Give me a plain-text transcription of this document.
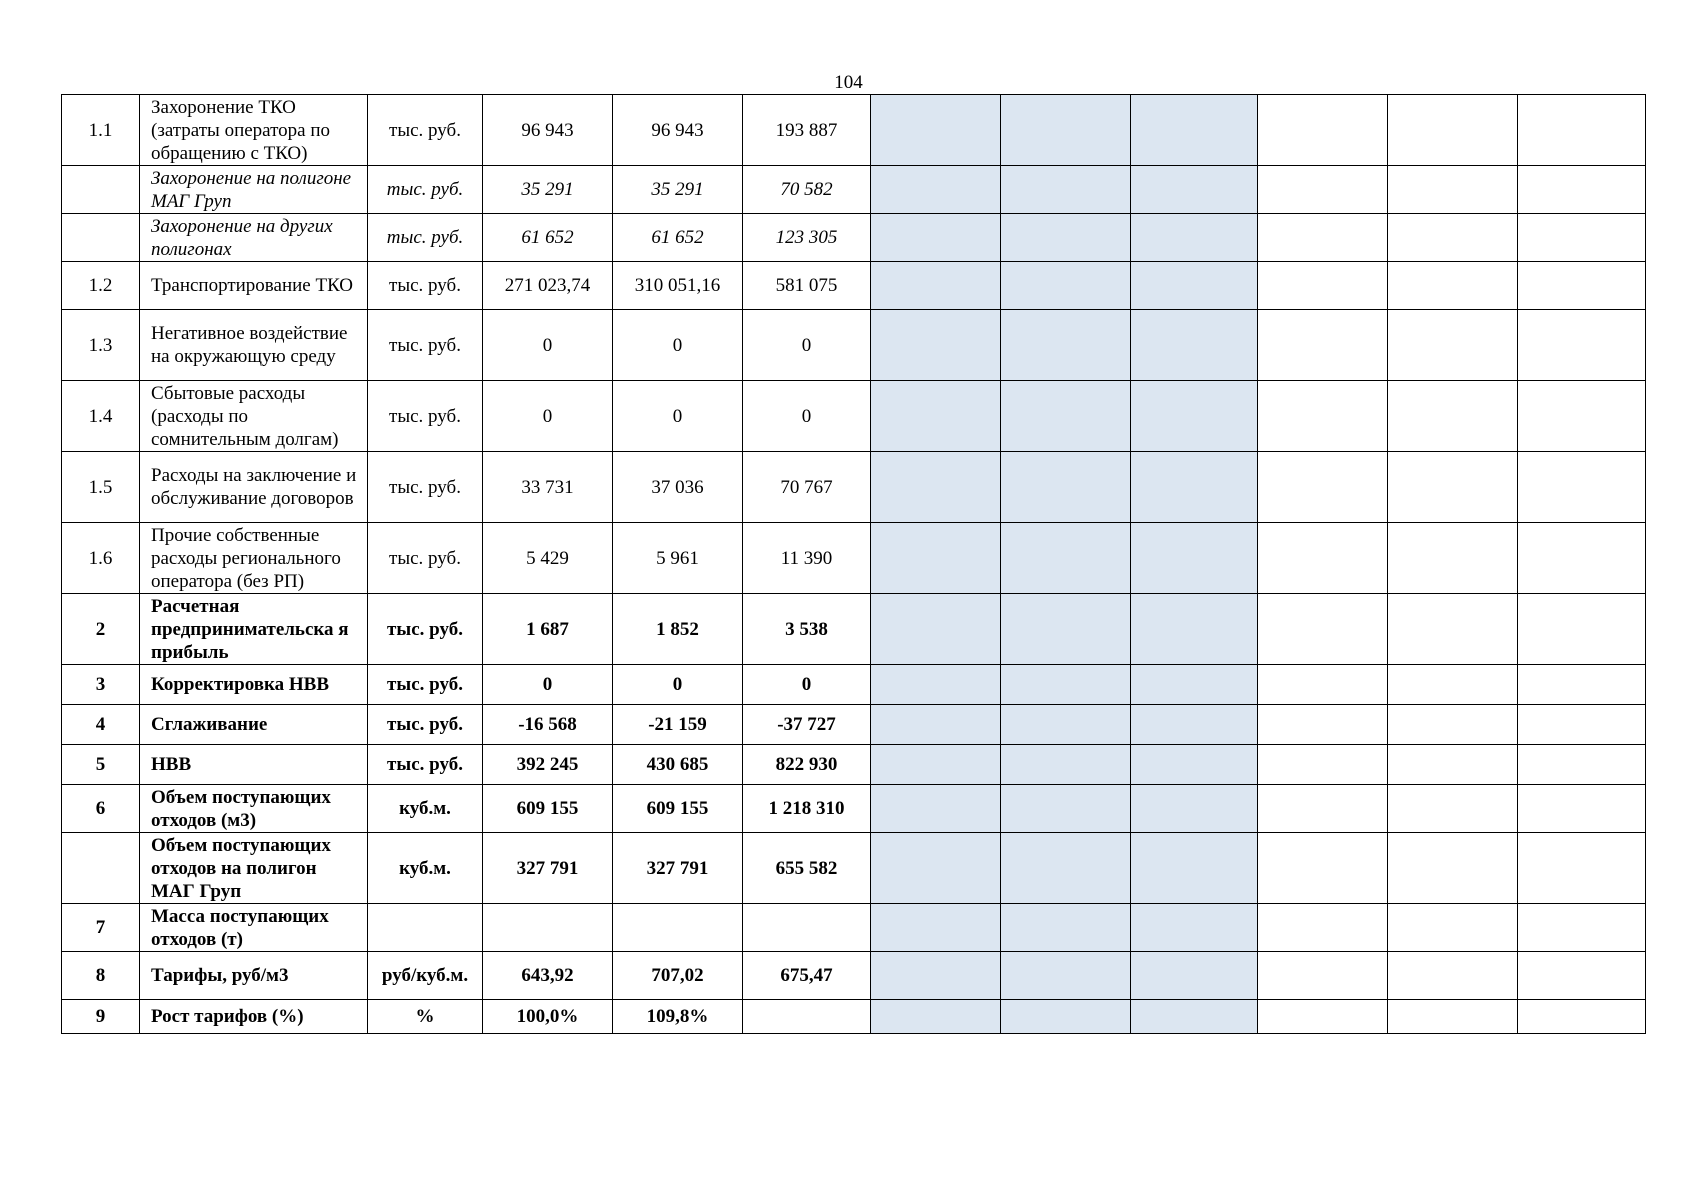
104
1.1	Захоронение ТКО (затраты оператора по обращению с ТКО)	тыс. руб.	96 943	96 943	193 887						
	Захоронение на полигоне МАГ Груп	тыс. руб.	35 291	35 291	70 582						
	Захоронение на других полигонах	тыс. руб.	61 652	61 652	123 305						
1.2	Транспортирование ТКО	тыс. руб.	271 023,74	310 051,16	581 075						
1.3	Негативное воздействие на окружающую среду	тыс. руб.	0	0	0						
1.4	Сбытовые расходы (расходы по сомнительным долгам)	тыс. руб.	0	0	0						
1.5	Расходы на заключение и обслуживание договоров	тыс. руб.	33 731	37 036	70 767						
1.6	Прочие собственные расходы регионального оператора (без РП)	тыс. руб.	5 429	5 961	11 390						
2	Расчетная предпринимательска я прибыль	тыс. руб.	1 687	1 852	3 538						
3	Корректировка НВВ	тыс. руб.	0	0	0						
4	Сглаживание	тыс. руб.	-16 568	-21 159	-37 727						
5	НВВ	тыс. руб.	392 245	430 685	822 930						
6	Объем поступающих отходов (м3)	куб.м.	609 155	609 155	1 218 310						
	Объем поступающих отходов на полигон МАГ Груп	куб.м.	327 791	327 791	655 582						
7	Масса поступающих отходов (т)										
8	Тарифы, руб/м3	руб/куб.м.	643,92	707,02	675,47						
9	Рост тарифов (%)	%	100,0%	109,8%							
